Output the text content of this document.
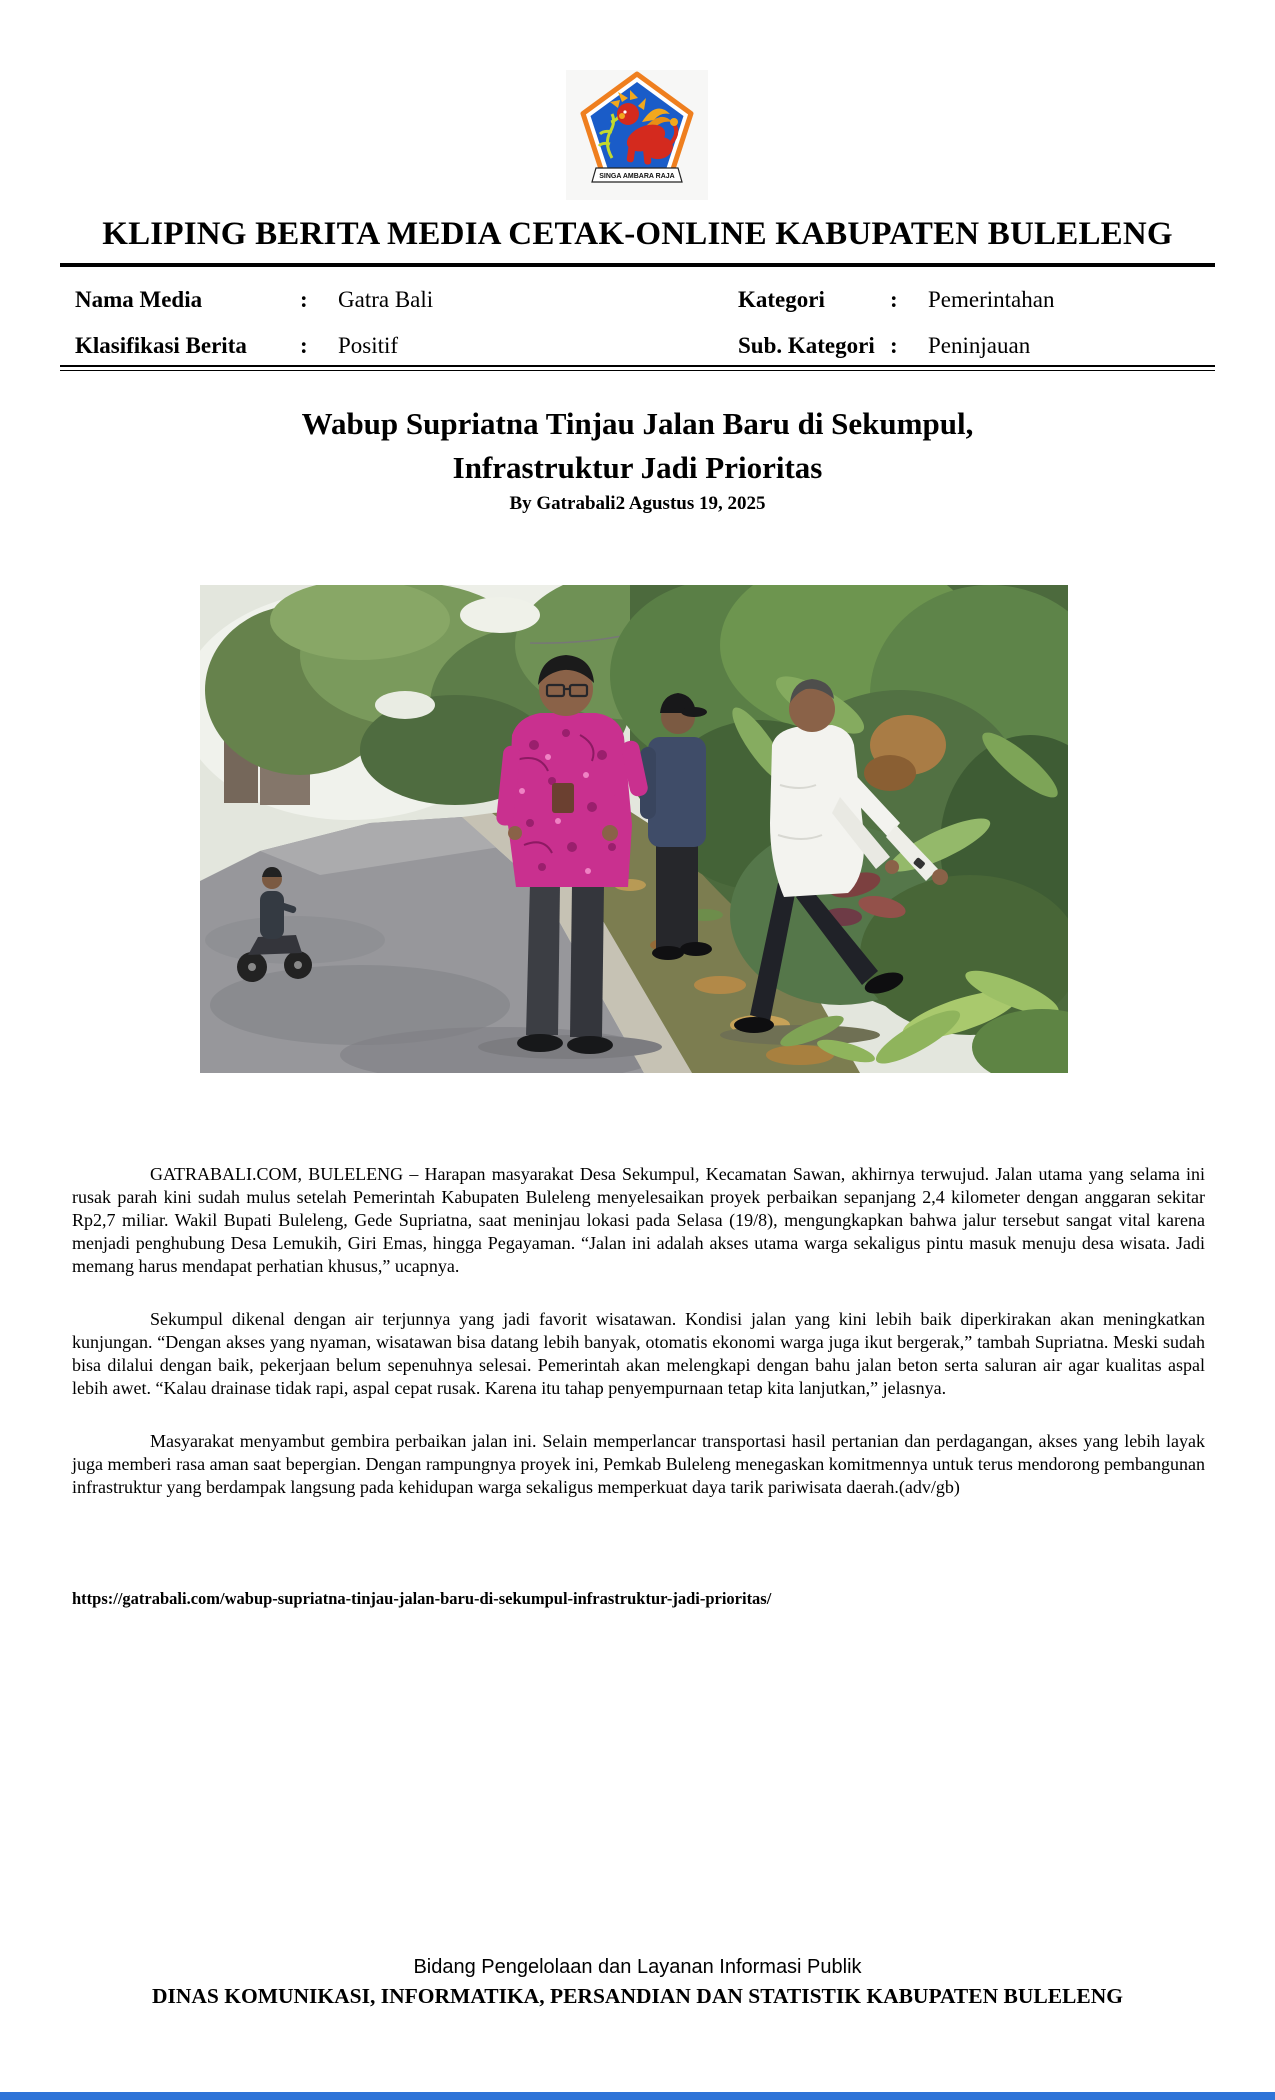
SINGA AMBARA RAJA
KLIPING BERITA MEDIA CETAK-ONLINE KABUPATEN BULELENG
Nama Media	:	Gatra Bali	Kategori	:	Pemerintahan
Klasifikasi Berita	:	Positif	Sub. Kategori :	Peninjauan
Wabup Supriatna Tinjau Jalan Baru di Sekumpul,
Infrastruktur Jadi Prioritas
By Gatrabali2 Agustus 19, 2025

GATRABALI.COM, BULELENG – Harapan masyarakat Desa Sekumpul, Kecamatan Sawan, akhirnya terwujud. Jalan utama yang selama ini rusak parah kini sudah mulus setelah Pemerintah Kabupaten Buleleng menyelesaikan proyek perbaikan sepanjang 2,4 kilometer dengan anggaran sekitar Rp2,7 miliar. Wakil Bupati Buleleng, Gede Supriatna, saat meninjau lokasi pada Selasa (19/8), mengungkapkan bahwa jalur tersebut sangat vital karena menjadi penghubung Desa Lemukih, Giri Emas, hingga Pegayaman. “Jalan ini adalah akses utama warga sekaligus pintu masuk menuju desa wisata. Jadi memang harus mendapat perhatian khusus,” ucapnya.

Sekumpul dikenal dengan air terjunnya yang jadi favorit wisatawan. Kondisi jalan yang kini lebih baik diperkirakan akan meningkatkan kunjungan. “Dengan akses yang nyaman, wisatawan bisa datang lebih banyak, otomatis ekonomi warga juga ikut bergerak,” tambah Supriatna. Meski sudah bisa dilalui dengan baik, pekerjaan belum sepenuhnya selesai. Pemerintah akan melengkapi dengan bahu jalan beton serta saluran air agar kualitas aspal lebih awet. “Kalau drainase tidak rapi, aspal cepat rusak. Karena itu tahap penyempurnaan tetap kita lanjutkan,” jelasnya.

Masyarakat menyambut gembira perbaikan jalan ini. Selain memperlancar transportasi hasil pertanian dan perdagangan, akses yang lebih layak juga memberi rasa aman saat bepergian. Dengan rampungnya proyek ini, Pemkab Buleleng menegaskan komitmennya untuk terus mendorong pembangunan infrastruktur yang berdampak langsung pada kehidupan warga sekaligus memperkuat daya tarik pariwisata daerah.(adv/gb)

https://gatrabali.com/wabup-supriatna-tinjau-jalan-baru-di-sekumpul-infrastruktur-jadi-prioritas/
Bidang Pengelolaan dan Layanan Informasi Publik
DINAS KOMUNIKASI, INFORMATIKA, PERSANDIAN DAN STATISTIK KABUPATEN BULELENG
